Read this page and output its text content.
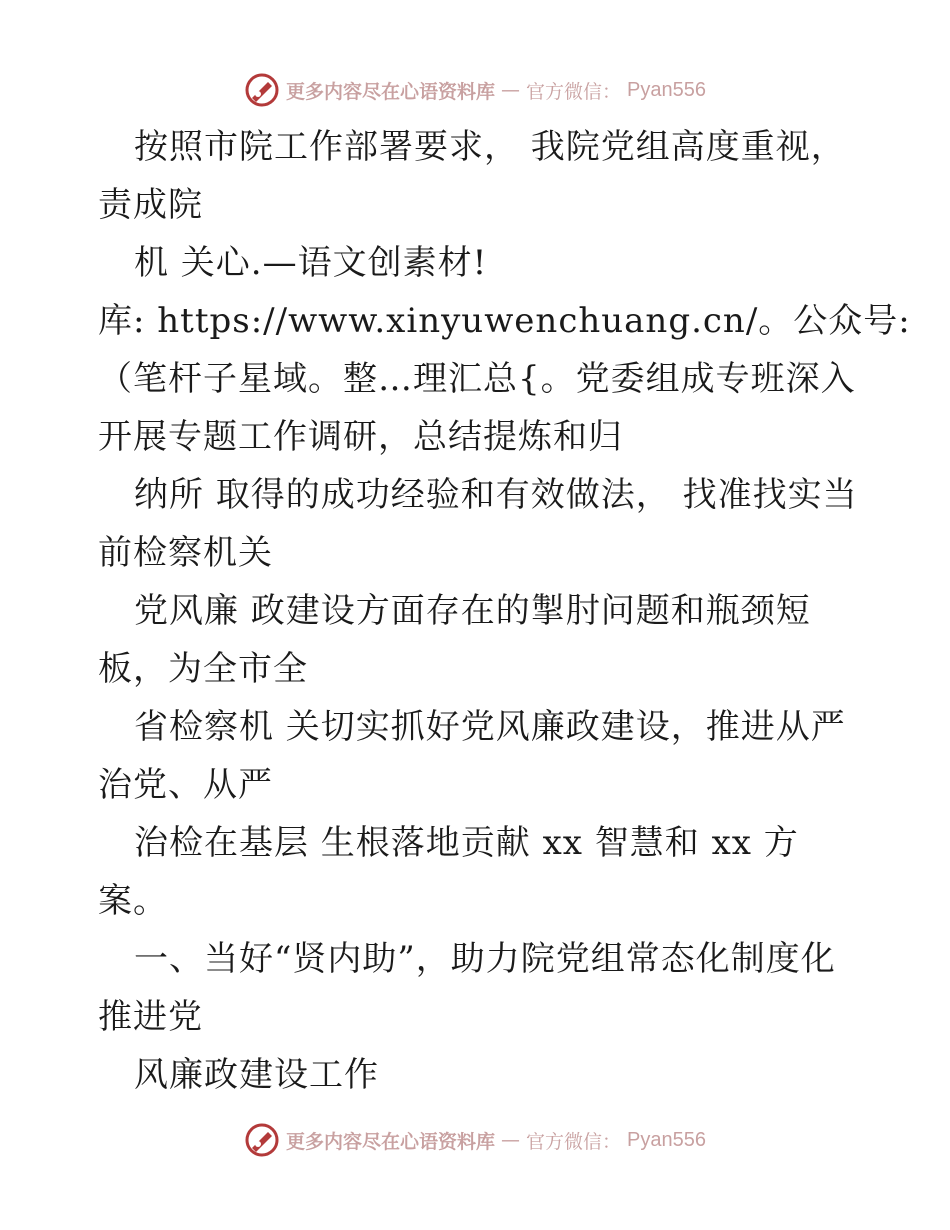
更多内容尽在心语资料库 — 官方微信： Pyan556
按照市院工作部署要求， 我院党组高度重视，
责成院
机 关心.—语文创素材!
库: https://www.xinyuwenchuang.cn/。公众号:
（笔杆子星域。整…理汇总{。党委组成专班深入
开展专题工作调研，总结提炼和归
纳所 取得的成功经验和有效做法， 找准找实当
前检察机关
党风廉 政建设方面存在的掣肘问题和瓶颈短
板，为全市全
省检察机 关切实抓好党风廉政建设，推进从严
治党、从严
治检在基层 生根落地贡献 xx 智慧和 xx 方
案。
一、当好“贤内助”，助力院党组常态化制度化
推进党
风廉政建设工作
更多内容尽在心语资料库 — 官方微信： Pyan556
